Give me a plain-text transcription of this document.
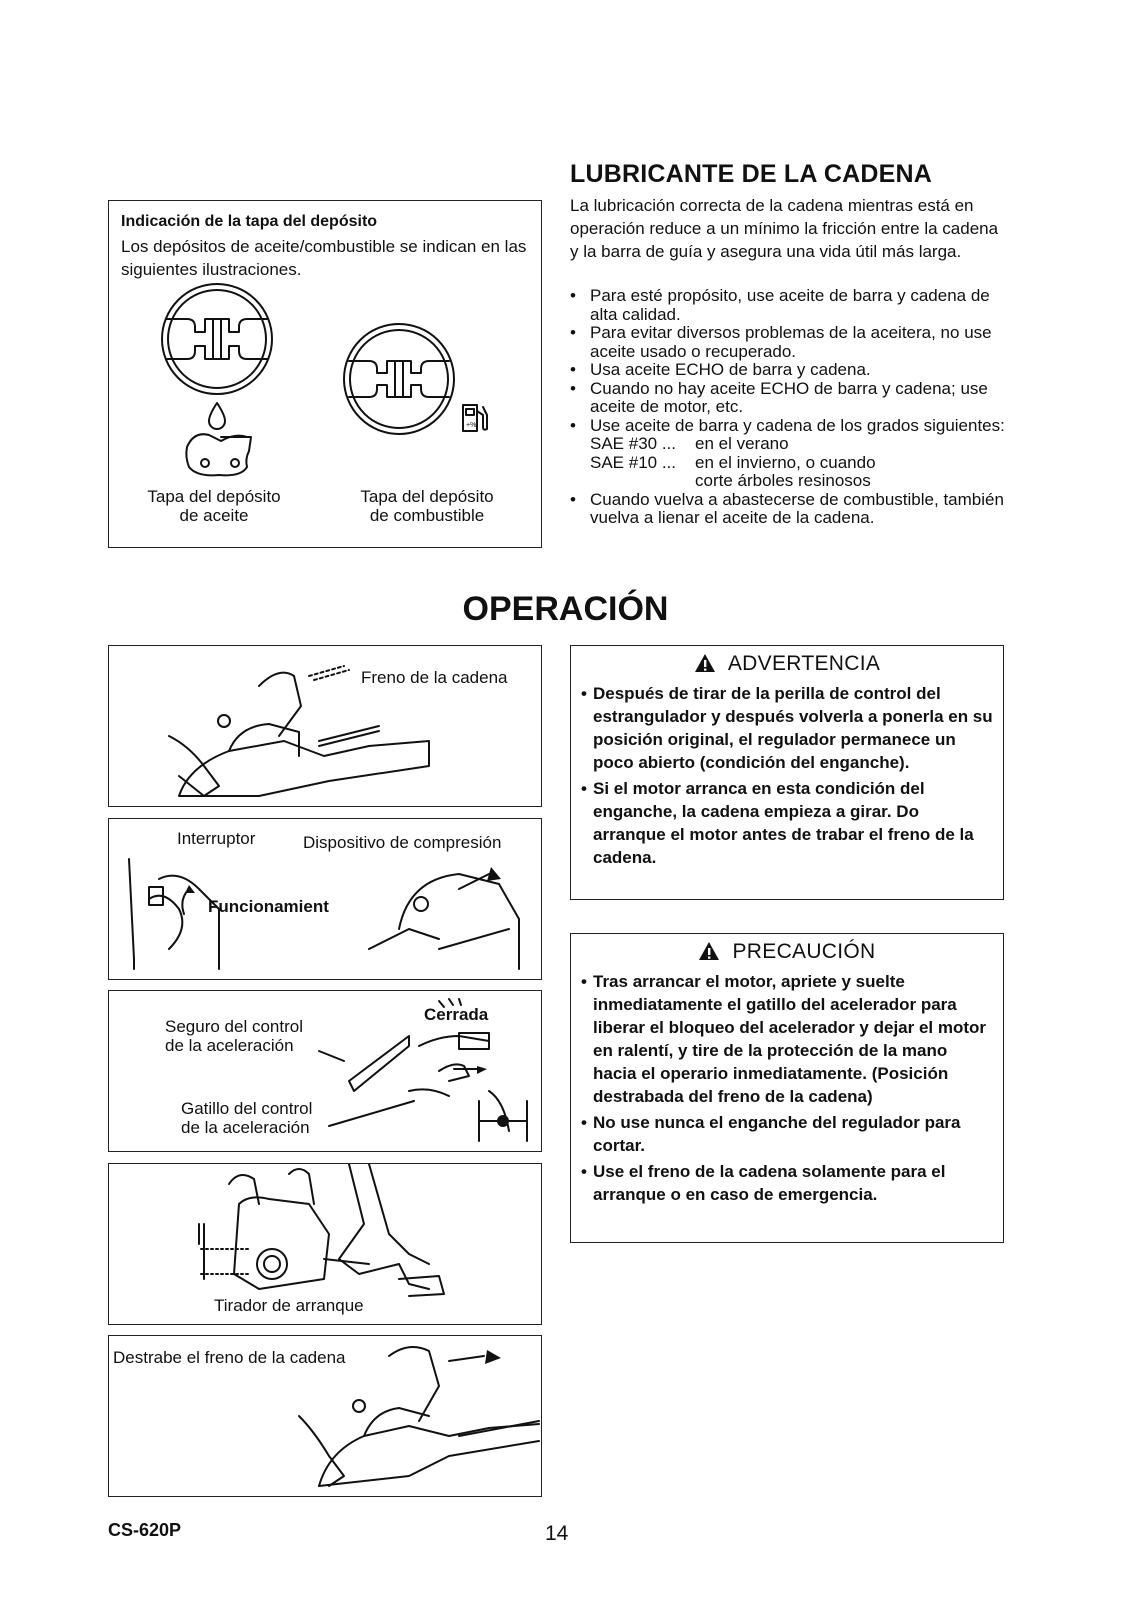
Indicación de la tapa del depósito
Los depósitos de aceite/combustible se indican en las siguientes ilustraciones.
+%
Tapa del depósito
de aceite
Tapa del depósito
de combustible
LUBRICANTE DE LA CADENA
La lubricación correcta de la cadena mientras está en operación reduce a un mínimo la fricción entre la cadena y la barra de guía y asegura una vida útil más larga.
• Para esté propósito, use aceite de barra y cadena de alta calidad.
• Para evitar diversos problemas de la aceitera, no use aceite usado o recuperado.
• Usa aceite ECHO de barra y cadena.
• Cuando no hay aceite ECHO de barra y cadena; use aceite de motor, etc.
• Use aceite de barra y cadena de los grados siguientes:
SAE #30 ...	en el verano
SAE #10 ...	en el invierno, o cuando corte árboles resinosos
• Cuando vuelva a abastecerse de combustible, también vuelva a lienar el aceite de la cadena.
OPERACIÓN
Freno de la cadena
Interruptor	Dispositivo de compresión
Funcionamient
Seguro del control
de la aceleración
Cerrada
Gatillo del control
de la aceleración
Tirador de arranque
Destrabe el freno de la cadena
ADVERTENCIA
• Después de tirar de la perilla de control del estrangulador y después volverla a ponerla en su posición original, el regulador permanece un poco abierto (condición del enganche).
• Si el motor arranca en esta condición del enganche, la cadena empieza a girar. Do arranque el motor antes de trabar el freno de la cadena.
PRECAUCIÓN
• Tras arrancar el motor, apriete y suelte inmediatamente el gatillo del acelerador para liberar el bloqueo del acelerador y dejar el motor en ralentí, y tire de la protección de la mano hacia el operario inmediatamente. (Posición destrabada del freno de la cadena)
• No use nunca el enganche del regulador para cortar.
• Use el freno de la cadena solamente para el arranque o en caso de emergencia.
CS-620P	14
